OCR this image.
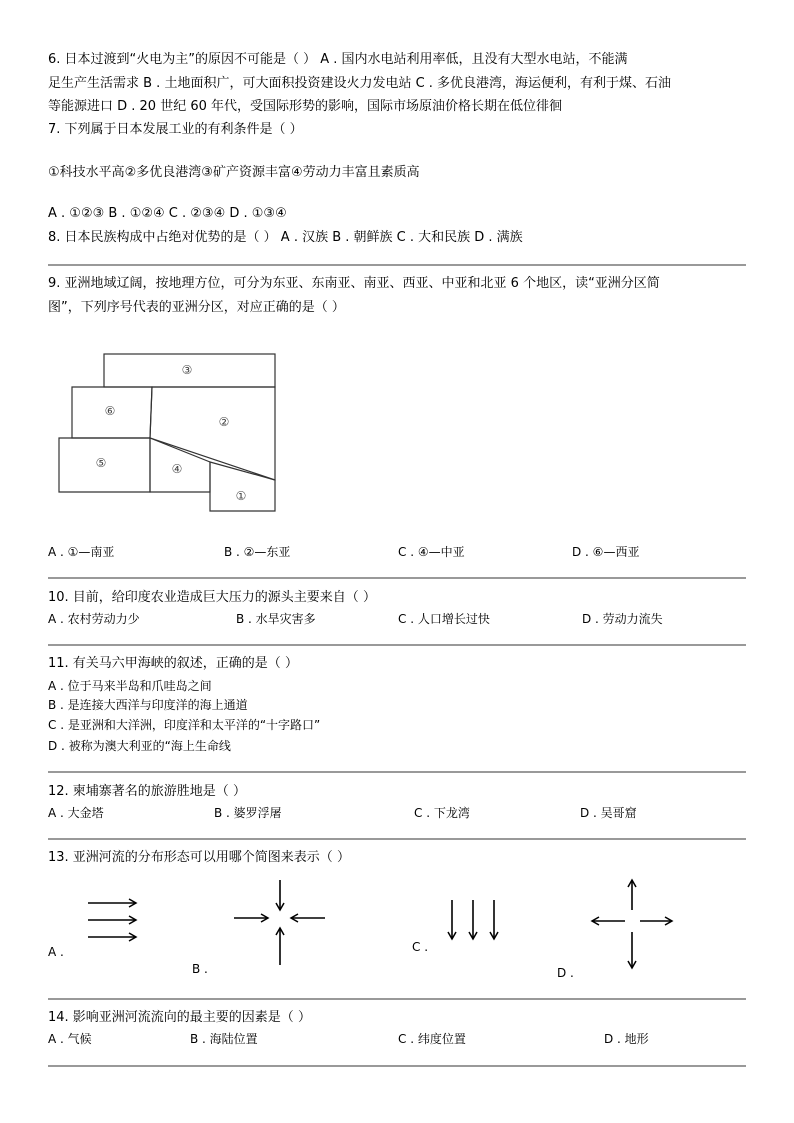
6. 日本过渡到“火电为主”的原因不可能是（ ） A . 国内水电站利用率低，且没有大型水电站，不能满
足生产生活需求 B . 土地面积广，可大面积投资建设火力发电站 C . 多优良港湾，海运便利，有利于煤、石油
等能源进口 D . 20 世纪 60 年代，受国际形势的影响，国际市场原油价格长期在低位徘徊
7. 下列属于日本发展工业的有利条件是（ ）
①科技水平高②多优良港湾③矿产资源丰富④劳动力丰富且素质高
A . ①②③ B . ①②④ C . ②③④ D . ①③④
8. 日本民族构成中占绝对优势的是（ ） A . 汉族 B . 朝鲜族 C . 大和民族 D . 满族
9. 亚洲地域辽阔，按地理方位，可分为东亚、东南亚、南亚、西亚、中亚和北亚 6 个地区，读“亚洲分区简
图”，下列序号代表的亚洲分区，对应正确的是（ ）
③
⑥
②
⑤	④
①
A . ①—南亚	B . ②—东亚	C . ④—中亚	D . ⑥—西亚
10. 目前，给印度农业造成巨大压力的源头主要来自（ ）
A . 农村劳动力少	B . 水旱灾害多	C . 人口增长过快	D . 劳动力流失
11. 有关马六甲海峡的叙述，正确的是（ ）
A . 位于马来半岛和爪哇岛之间
B . 是连接大西洋与印度洋的海上通道
C . 是亚洲和大洋洲，印度洋和太平洋的“十字路口”
D . 被称为澳大利亚的“海上生命线
12. 柬埔寨著名的旅游胜地是（ ）
A . 大金塔	B . 婆罗浮屠	C . 下龙湾	D . 吴哥窟
13. 亚洲河流的分布形态可以用哪个简图来表示（ ）
A .
B .
C .
D .
14. 影响亚洲河流流向的最主要的因素是（ ）
A . 气候	B . 海陆位置	C . 纬度位置	D . 地形
